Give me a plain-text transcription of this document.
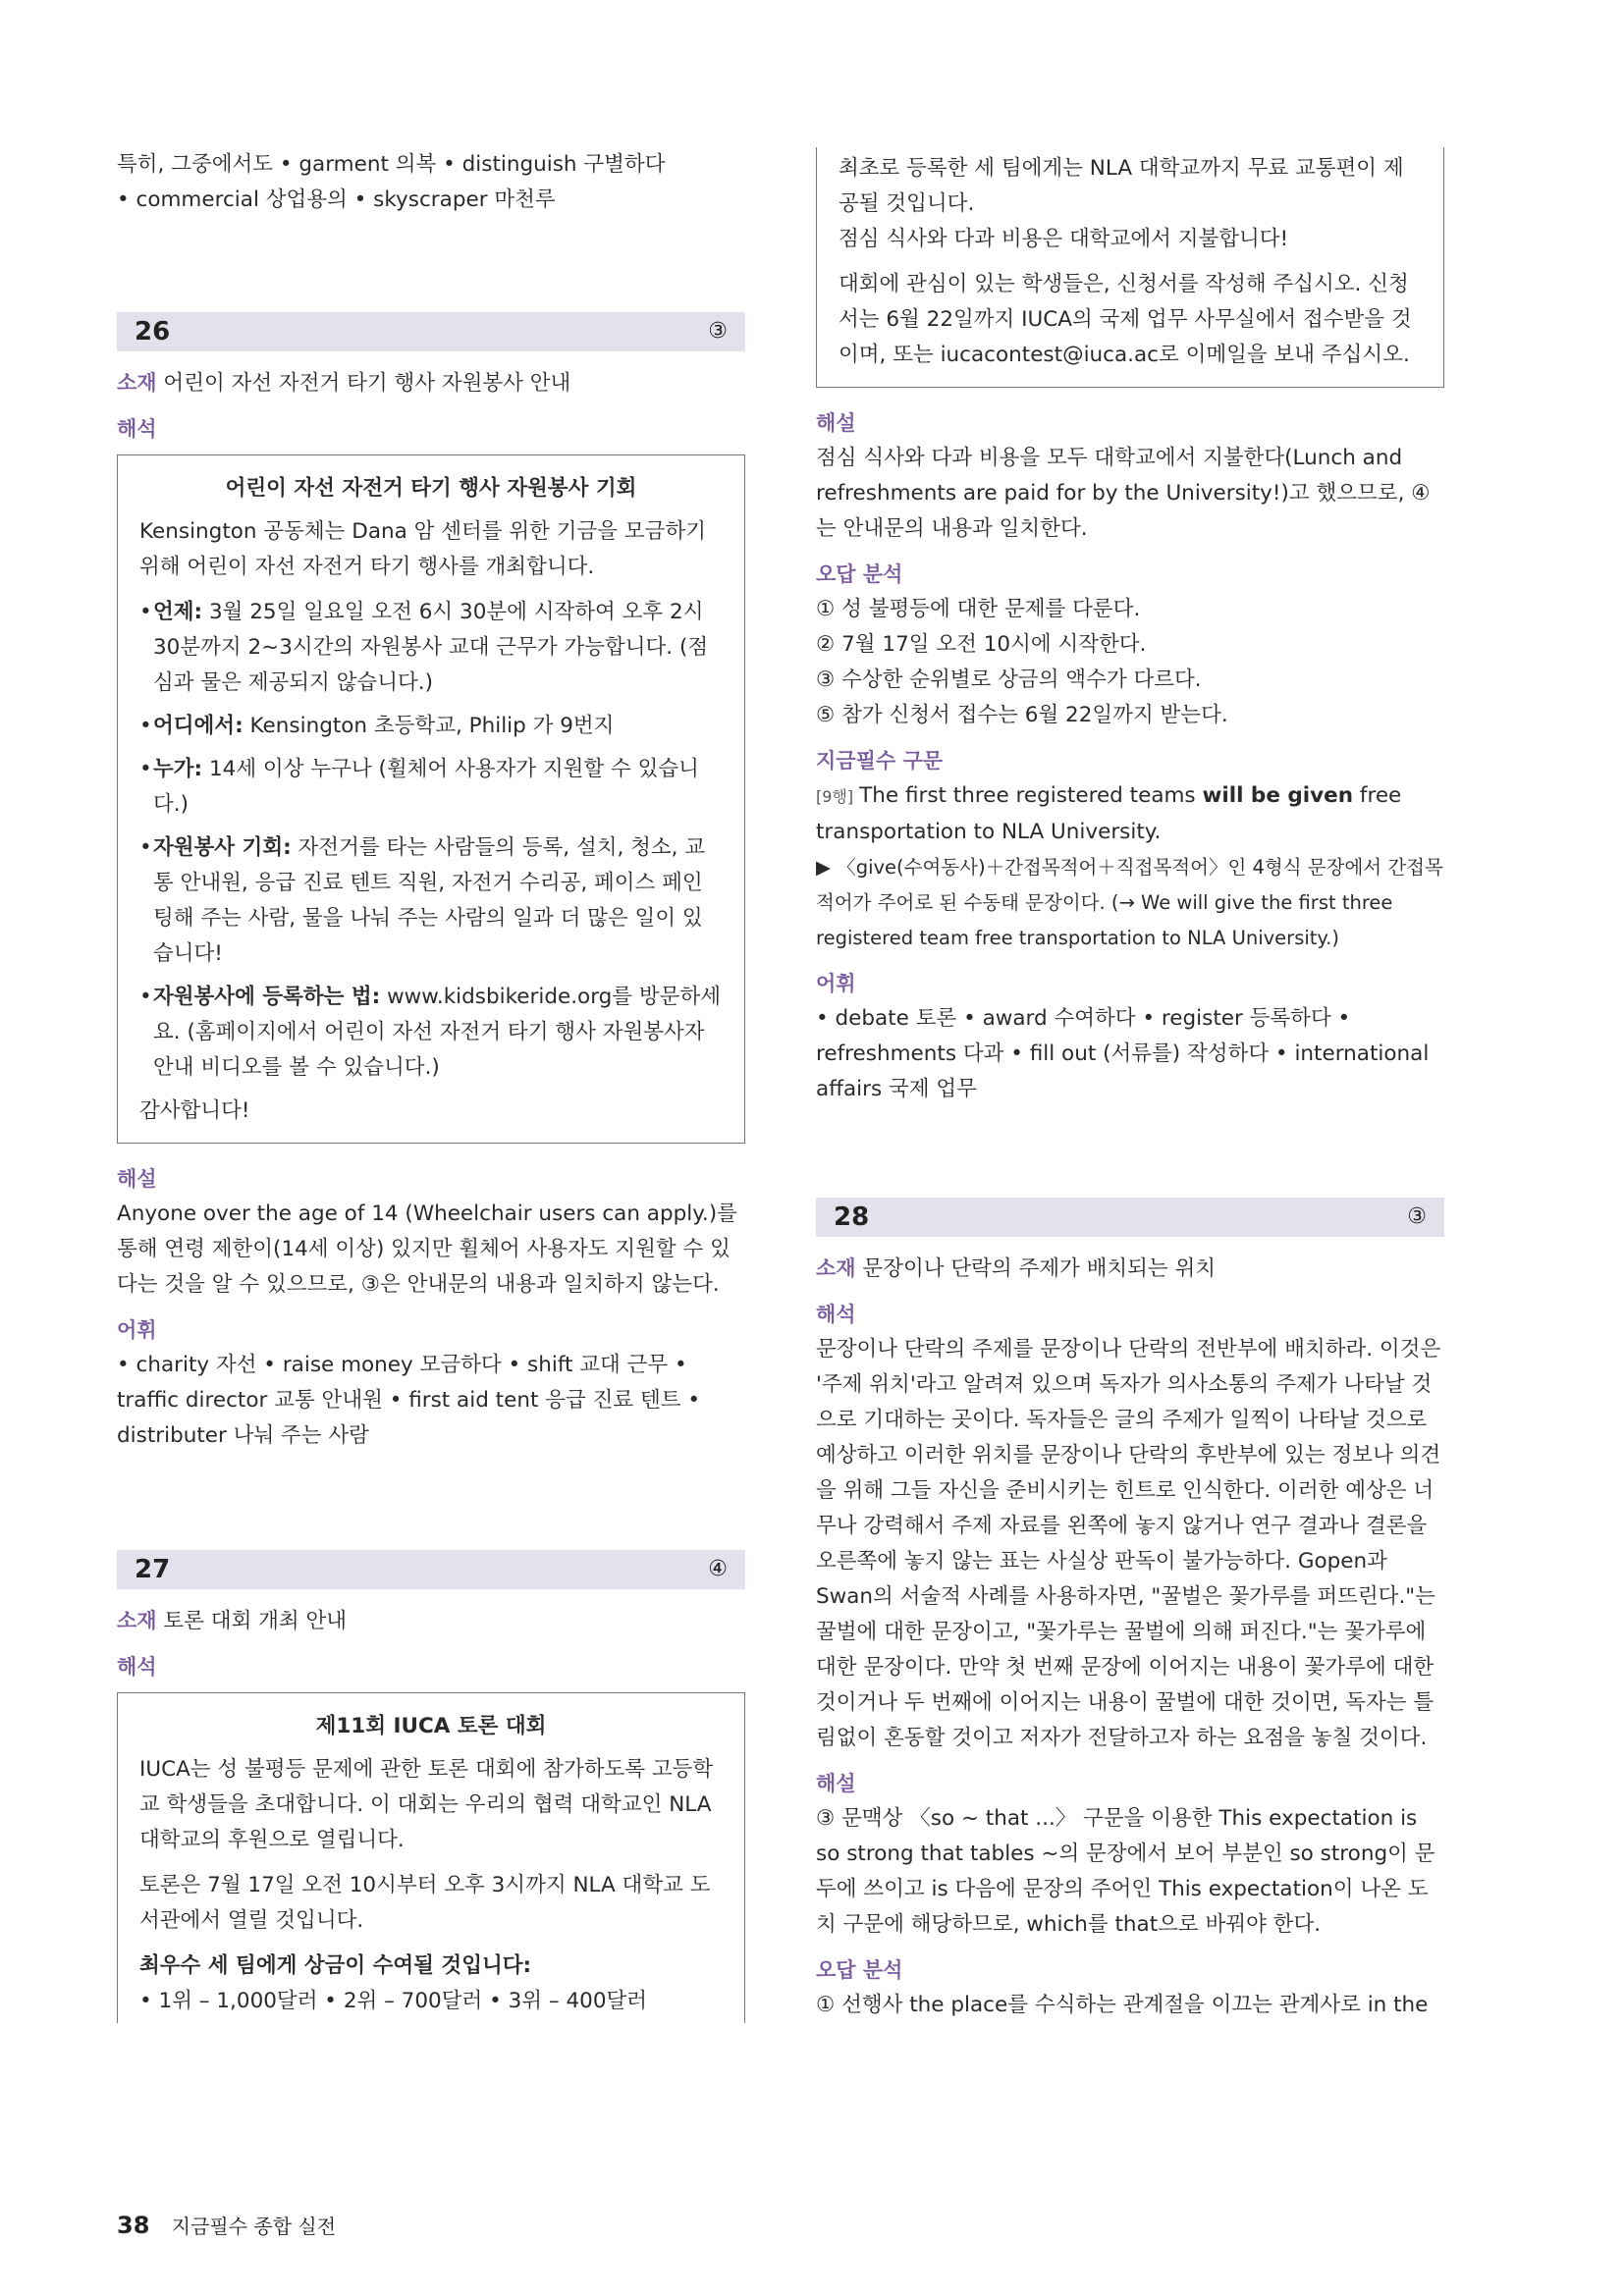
특히, 그중에서도 • garment 의복 • distinguish 구별하다

• commercial 상업용의 • skyscraper 마천루

26	③

소재 어린이 자선 자전거 타기 행사 자원봉사 안내

해석

어린이 자선 자전거 타기 행사 자원봉사 기회
Kensington 공동체는 Dana 암 센터를 위한 기금을 모금하기 위해 어린이 자선 자전거 타기 행사를 개최합니다.
• 언제: 3월 25일 일요일 오전 6시 30분에 시작하여 오후 2시 30분까지 2~3시간의 자원봉사 교대 근무가 가능합니다. (점심과 물은 제공되지 않습니다.)
• 어디에서: Kensington 초등학교, Philip 가 9번지
• 누가: 14세 이상 누구나 (휠체어 사용자가 지원할 수 있습니다.)
• 자원봉사 기회: 자전거를 타는 사람들의 등록, 설치, 청소, 교통 안내원, 응급 진료 텐트 직원, 자전거 수리공, 페이스 페인팅해 주는 사람, 물을 나눠 주는 사람의 일과 더 많은 일이 있습니다!
• 자원봉사에 등록하는 법: www.kidsbikeride.org를 방문하세요. (홈페이지에서 어린이 자선 자전거 타기 행사 자원봉사자 안내 비디오를 볼 수 있습니다.)
감사합니다!

해설

Anyone over the age of 14 (Wheelchair users can apply.)를 통해 연령 제한이(14세 이상) 있지만 휠체어 사용자도 지원할 수 있다는 것을 알 수 있으므로, ③은 안내문의 내용과 일치하지 않는다.

어휘

• charity 자선 • raise money 모금하다 • shift 교대 근무 • traffic director 교통 안내원 • first aid tent 응급 진료 텐트 • distributer 나눠 주는 사람

27	④

소재 토론 대회 개최 안내

해석

제11회 IUCA 토론 대회
IUCA는 성 불평등 문제에 관한 토론 대회에 참가하도록 고등학교 학생들을 초대합니다. 이 대회는 우리의 협력 대학교인 NLA 대학교의 후원으로 열립니다.
토론은 7월 17일 오전 10시부터 오후 3시까지 NLA 대학교 도서관에서 열릴 것입니다.
최우수 세 팀에게 상금이 수여될 것입니다:
• 1위 – 1,000달러 • 2위 – 700달러 • 3위 – 400달러
최초로 등록한 세 팀에게는 NLA 대학교까지 무료 교통편이 제공될 것입니다.
점심 식사와 다과 비용은 대학교에서 지불합니다!
대회에 관심이 있는 학생들은, 신청서를 작성해 주십시오. 신청서는 6월 22일까지 IUCA의 국제 업무 사무실에서 접수받을 것이며, 또는 iucacontest@iuca.ac로 이메일을 보내 주십시오.

해설

점심 식사와 다과 비용을 모두 대학교에서 지불한다(Lunch and refreshments are paid for by the University!)고 했으므로, ④는 안내문의 내용과 일치한다.

오답 분석

① 성 불평등에 대한 문제를 다룬다.

② 7월 17일 오전 10시에 시작한다.

③ 수상한 순위별로 상금의 액수가 다르다.

⑤ 참가 신청서 접수는 6월 22일까지 받는다.

지금필수 구문

[9행] The first three registered teams will be given free transportation to NLA University.

▶ 〈give(수여동사)＋간접목적어＋직접목적어〉인 4형식 문장에서 간접목적어가 주어로 된 수동태 문장이다. (→ We will give the first three registered team free transportation to NLA University.)

어휘

• debate 토론 • award 수여하다 • register 등록하다 • refreshments 다과 • fill out (서류를) 작성하다 • international affairs 국제 업무

28	③

소재 문장이나 단락의 주제가 배치되는 위치

해석

문장이나 단락의 주제를 문장이나 단락의 전반부에 배치하라. 이것은 '주제 위치'라고 알려져 있으며 독자가 의사소통의 주제가 나타날 것으로 기대하는 곳이다. 독자들은 글의 주제가 일찍이 나타날 것으로 예상하고 이러한 위치를 문장이나 단락의 후반부에 있는 정보나 의견을 위해 그들 자신을 준비시키는 힌트로 인식한다. 이러한 예상은 너무나 강력해서 주제 자료를 왼쪽에 놓지 않거나 연구 결과나 결론을 오른쪽에 놓지 않는 표는 사실상 판독이 불가능하다. Gopen과 Swan의 서술적 사례를 사용하자면, "꿀벌은 꽃가루를 퍼뜨린다."는 꿀벌에 대한 문장이고, "꽃가루는 꿀벌에 의해 퍼진다."는 꽃가루에 대한 문장이다. 만약 첫 번째 문장에 이어지는 내용이 꽃가루에 대한 것이거나 두 번째에 이어지는 내용이 꿀벌에 대한 것이면, 독자는 틀림없이 혼동할 것이고 저자가 전달하고자 하는 요점을 놓칠 것이다.

해설

③ 문맥상 〈so ~ that ...〉 구문을 이용한 This expectation is so strong that tables ~의 문장에서 보어 부분인 so strong이 문두에 쓰이고 is 다음에 문장의 주어인 This expectation이 나온 도치 구문에 해당하므로, which를 that으로 바꿔야 한다.

오답 분석

① 선행사 the place를 수식하는 관계절을 이끄는 관계사로 in the

38 지금필수 종합 실전
